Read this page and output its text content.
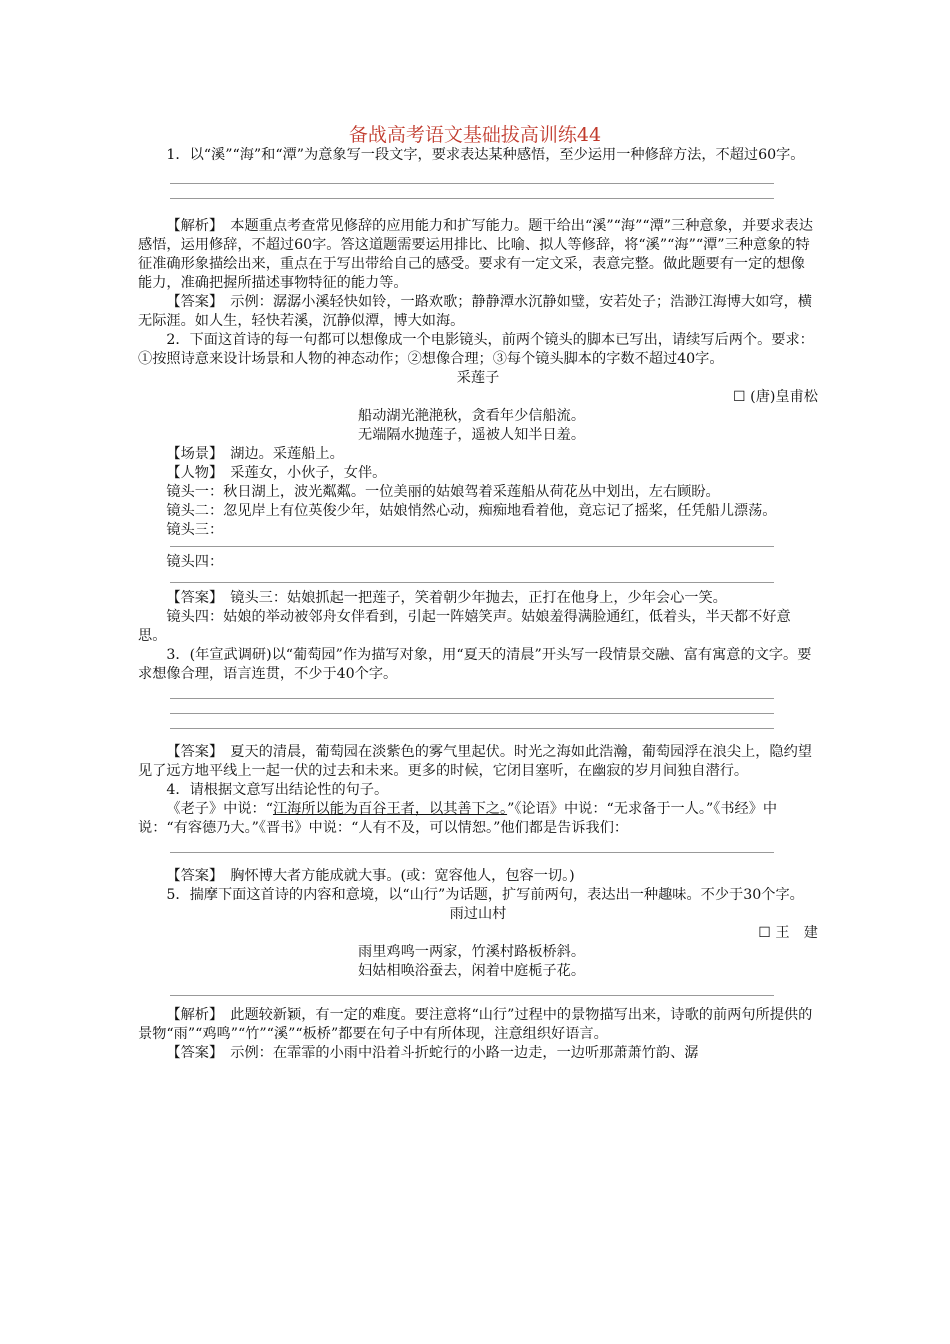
备战高考语文基础拔高训练44

1．以“溪”“海”和“潭”为意象写一段文字，要求表达某种感悟，至少运用一种修辞方法，不超过60字。

【解析】　 本题重点考查常见修辞的应用能力和扩写能力。题干给出“溪”“海”“潭”三种意象，并要求表达感悟，运用修辞，不超过60字。答这道题需要运用排比、比喻、拟人等修辞，将“溪”“海”“潭”三种意象的特征准确形象描绘出来，重点在于写出带给自己的感受。要求有一定文采，表意完整。做此题要有一定的想像能力，准确把握所描述事物特征的能力等。

【答案】　 示例：潺潺小溪轻快如铃，一路欢歌；静静潭水沉静如璧，安若处子；浩渺江海博大如穹，横无际涯。如人生，轻快若溪，沉静似潭，博大如海。

2．下面这首诗的每一句都可以想像成一个电影镜头，前两个镜头的脚本已写出，请续写后两个。要求：①按照诗意来设计场景和人物的神态动作；②想像合理；③每个镜头脚本的字数不超过40字。

采莲子

☐ (唐)皇甫松

船动湖光滟滟秋，贪看年少信船流。

无端隔水抛莲子，遥被人知半日羞。

【场景】　 湖边。采莲船上。

【人物】　 采莲女，小伙子，女伴。

镜头一：秋日湖上，波光粼粼。一位美丽的姑娘驾着采莲船从荷花丛中划出，左右顾盼。

镜头二：忽见岸上有位英俊少年，姑娘悄然心动，痴痴地看着他，竟忘记了摇桨，任凭船儿漂荡。

镜头三：

镜头四：

【答案】　 镜头三：姑娘抓起一把莲子，笑着朝少年抛去，正打在他身上，少年会心一笑。

镜头四：姑娘的举动被邻舟女伴看到，引起一阵嬉笑声。姑娘羞得满脸通红，低着头，半天都不好意思。

3．(年宣武调研)以“葡萄园”作为描写对象，用“夏天的清晨”开头写一段情景交融、富有寓意的文字。要求想像合理，语言连贯，不少于40个字。

【答案】　 夏天的清晨，葡萄园在淡紫色的雾气里起伏。时光之海如此浩瀚，葡萄园浮在浪尖上，隐约望见了远方地平线上一起一伏的过去和未来。更多的时候，它闭目塞听，在幽寂的岁月间独自潜行。

4．请根据文意写出结论性的句子。

《老子》中说：“江海所以能为百谷王者，以其善下之。”《论语》中说：“无求备于一人。”《书经》中说：“有容德乃大。”《晋书》中说：“人有不及，可以情恕。”他们都是告诉我们：

【答案】　 胸怀博大者方能成就大事。(或：宽容他人，包容一切。)

5．揣摩下面这首诗的内容和意境，以“山行”为话题，扩写前两句，表达出一种趣味。不少于30个字。

雨过山村

☐ 王　建

雨里鸡鸣一两家，竹溪村路板桥斜。

妇姑相唤浴蚕去，闲着中庭栀子花。

【解析】　 此题较新颖，有一定的难度。要注意将“山行”过程中的景物描写出来，诗歌的前两句所提供的景物“雨”“鸡鸣”“竹”“溪”“板桥”都要在句子中有所体现，注意组织好语言。

【答案】　 示例：在霏霏的小雨中沿着斗折蛇行的小路一边走，一边听那萧萧竹韵、潺
